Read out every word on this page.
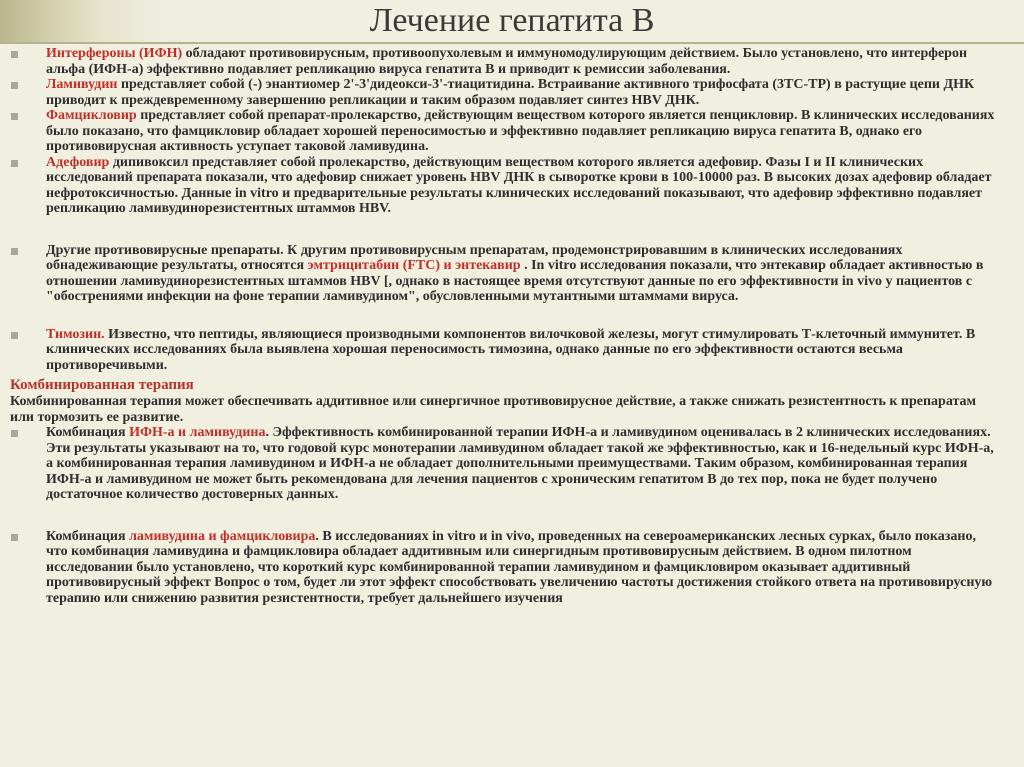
Лечение гепатита В
Интерфероны (ИФН) обладают противовирусным, противоопухолевым и иммуномодулирующим действием. Было установлено, что интерферон альфа (ИФН-а) эффективно подавляет репликацию вируса гепатита В и приводит к ремиссии заболевания.
Ламивудин представляет собой (-) энантиомер 2'-3'дидеокси-3'-тиацитидина. Встраивание активного трифосфата (3ТС-ТР) в растущие цепи ДНК приводит к преждевременному завершению репликации и таким образом подавляет синтез HBV ДНК.
Фамцикловир представляет собой препарат-пролекарство, действующим веществом которого является пенцикловир. В клинических исследованиях было показано, что фамцикловир обладает хорошей переносимостью и эффективно подавляет репликацию вируса гепатита В, однако его противовирусная активность уступает таковой ламивудина.
Адефовир дипивоксил представляет собой пролекарство, действующим веществом которого является адефовир. Фазы I и II клинических исследований препарата показали, что адефовир снижает уровень HBV ДНК в сыворотке крови в 100-10000 раз. В высоких дозах адефовир обладает нефротоксичностью. Данные in vitro и предварительные результаты клинических исследований показывают, что адефовир эффективно подавляет репликацию ламивудинорезистентных штаммов HBV.
Другие противовирусные препараты. К другим противовирусным препаратам, продемонстрировавшим в клинических исследованиях обнадеживающие результаты, относятся эмтрицитабин (FTC) и энтекавир . In vitro исследования показали, что энтекавир обладает активностью в отношении ламивудинорезистентных штаммов HBV [, однако в настоящее время отсутствуют данные по его эффективности in vivo у пациентов с "обострениями инфекции на фоне терапии ламивудином", обусловленными мутантными штаммами вируса.
Тимозин. Известно, что пептиды, являющиеся производными компонентов вилочковой железы, могут стимулировать Т-клеточный иммунитет. В клинических исследованиях была выявлена хорошая переносимость тимозина, однако данные по его эффективности остаются весьма противоречивыми.
Комбинированная терапия
Комбинированная терапия может обеспечивать аддитивное или синергичное противовирусное действие, а также снижать резистентность к препаратам или тормозить ее развитие.
Комбинация ИФН-а и ламивудина. Эффективность комбинированной терапии ИФН-а и ламивудином оценивалась в 2 клинических исследованиях. Эти результаты указывают на то, что годовой курс монотерапии ламивудином обладает такой же эффективностью, как и 16-недельный курс ИФН-а, а комбинированная терапия ламивудином и ИФН-а не обладает дополнительными преимуществами. Таким образом, комбинированная терапия ИФН-а и ламивудином не может быть рекомендована для лечения пациентов с хроническим гепатитом В до тех пор, пока не будет получено достаточное количество достоверных данных.
Комбинация ламивудина и фамцикловира. В исследованиях in vitro и in vivo, проведенных на североамериканских лесных сурках, было показано, что комбинация ламивудина и фамцикловира обладает аддитивным или синергидным противовирусным действием. В одном пилотном исследовании было установлено, что короткий курс комбинированной терапии ламивудином и фамцикловиром оказывает аддитивный противовирусный эффект Вопрос о том, будет ли этот эффект способствовать увеличению частоты достижения стойкого ответа на противовирусную терапию или снижению развития резистентности, требует дальнейшего изучения
